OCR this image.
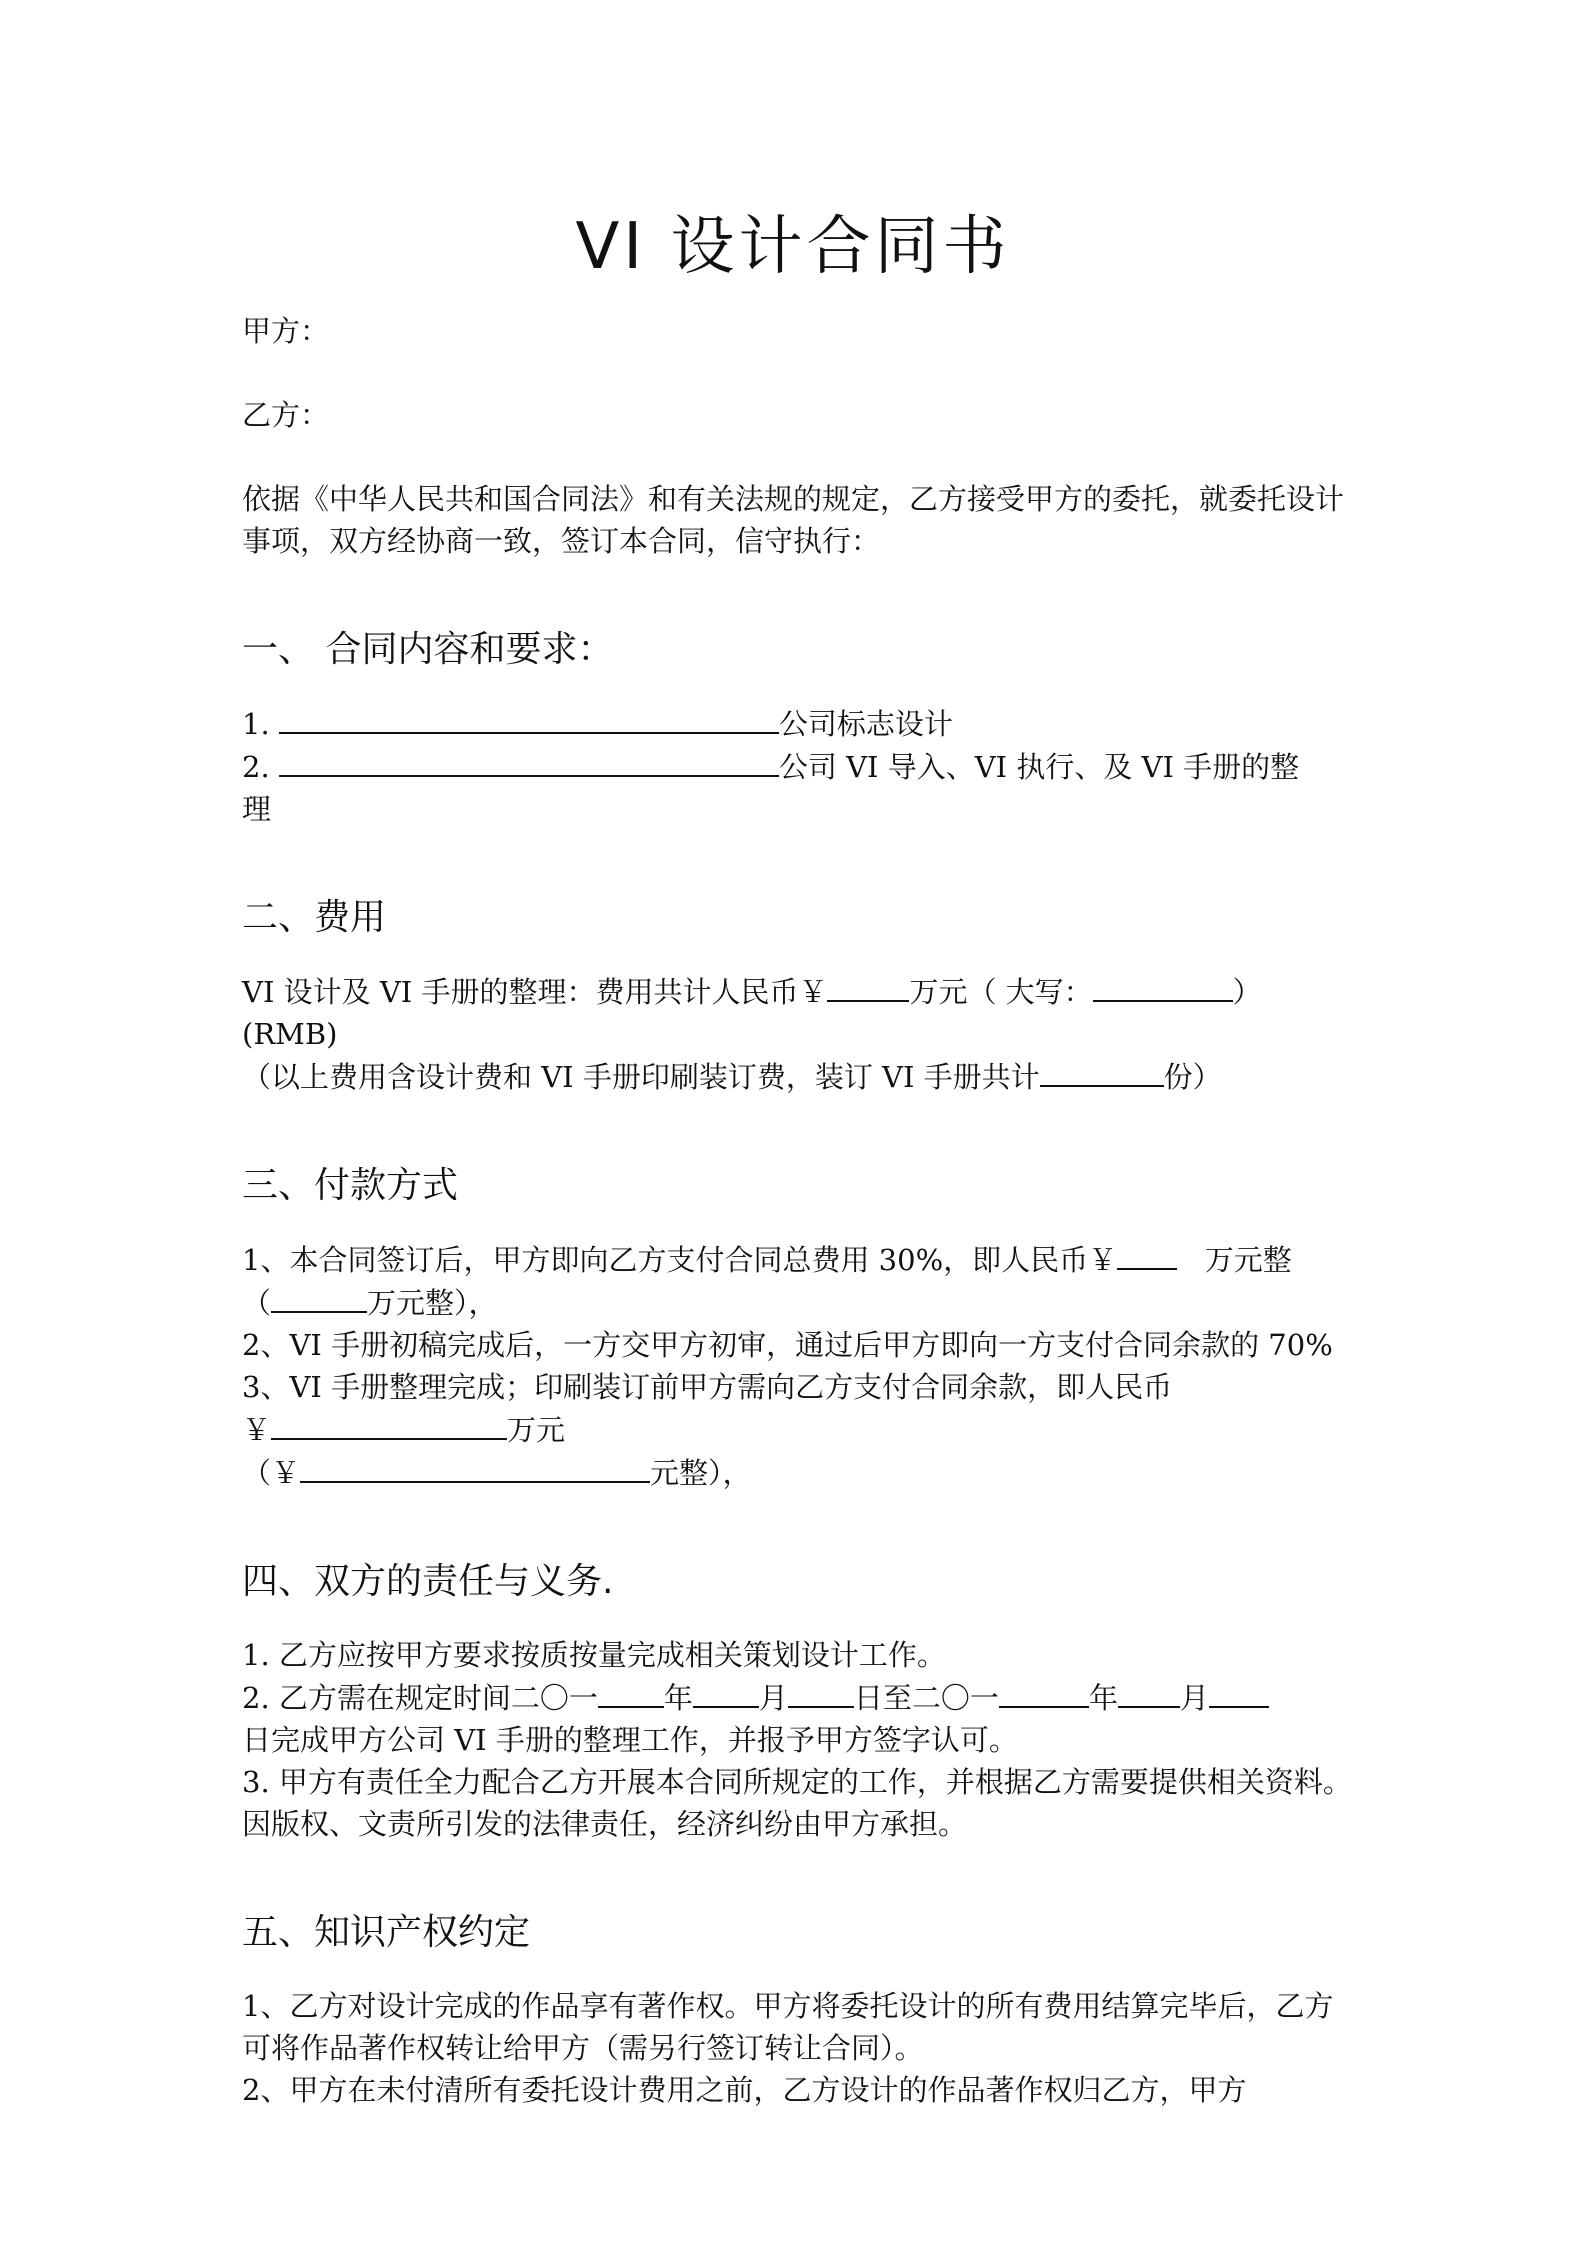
VI 设计合同书

甲方：

乙方：

依据《中华人民共和国合同法》和有关法规的规定，乙方接受甲方的委托，就委托设计事项，双方经协商一致，签订本合同，信守执行：

一、 合同内容和要求：

1.	公司标志设计

2.	公司 VI 导入、VI 执行、及 VI 手册的整

理

二、费用

VI 设计及 VI 手册的整理：费用共计人民币￥	万元（ 大写：	）(RMB)

（以上费用含设计费和 VI 手册印刷装订费，装订 VI 手册共计	份）

三、付款方式

1、本合同签订后，甲方即向乙方支付合同总费用 30%，即人民币￥	万元整

（	万元整），

2、VI 手册初稿完成后，一方交甲方初审，通过后甲方即向一方支付合同余款的 70%

3、VI 手册整理完成；印刷装订前甲方需向乙方支付合同余款，即人民币

￥	万元

（￥	元整），

四、双方的责任与义务.

1. 乙方应按甲方要求按质按量完成相关策划设计工作。

2. 乙方需在规定时间二〇一 年 月 日至二〇一	年 月

日完成甲方公司 VI 手册的整理工作，并报予甲方签字认可。

3. 甲方有责任全力配合乙方开展本合同所规定的工作，并根据乙方需要提供相关资料。

因版权、文责所引发的法律责任，经济纠纷由甲方承担。

五、知识产权约定

1、乙方对设计完成的作品享有著作权。甲方将委托设计的所有费用结算完毕后，乙方可将作品著作权转让给甲方（需另行签订转让合同）。

2、甲方在未付清所有委托设计费用之前，乙方设计的作品著作权归乙方，甲方
